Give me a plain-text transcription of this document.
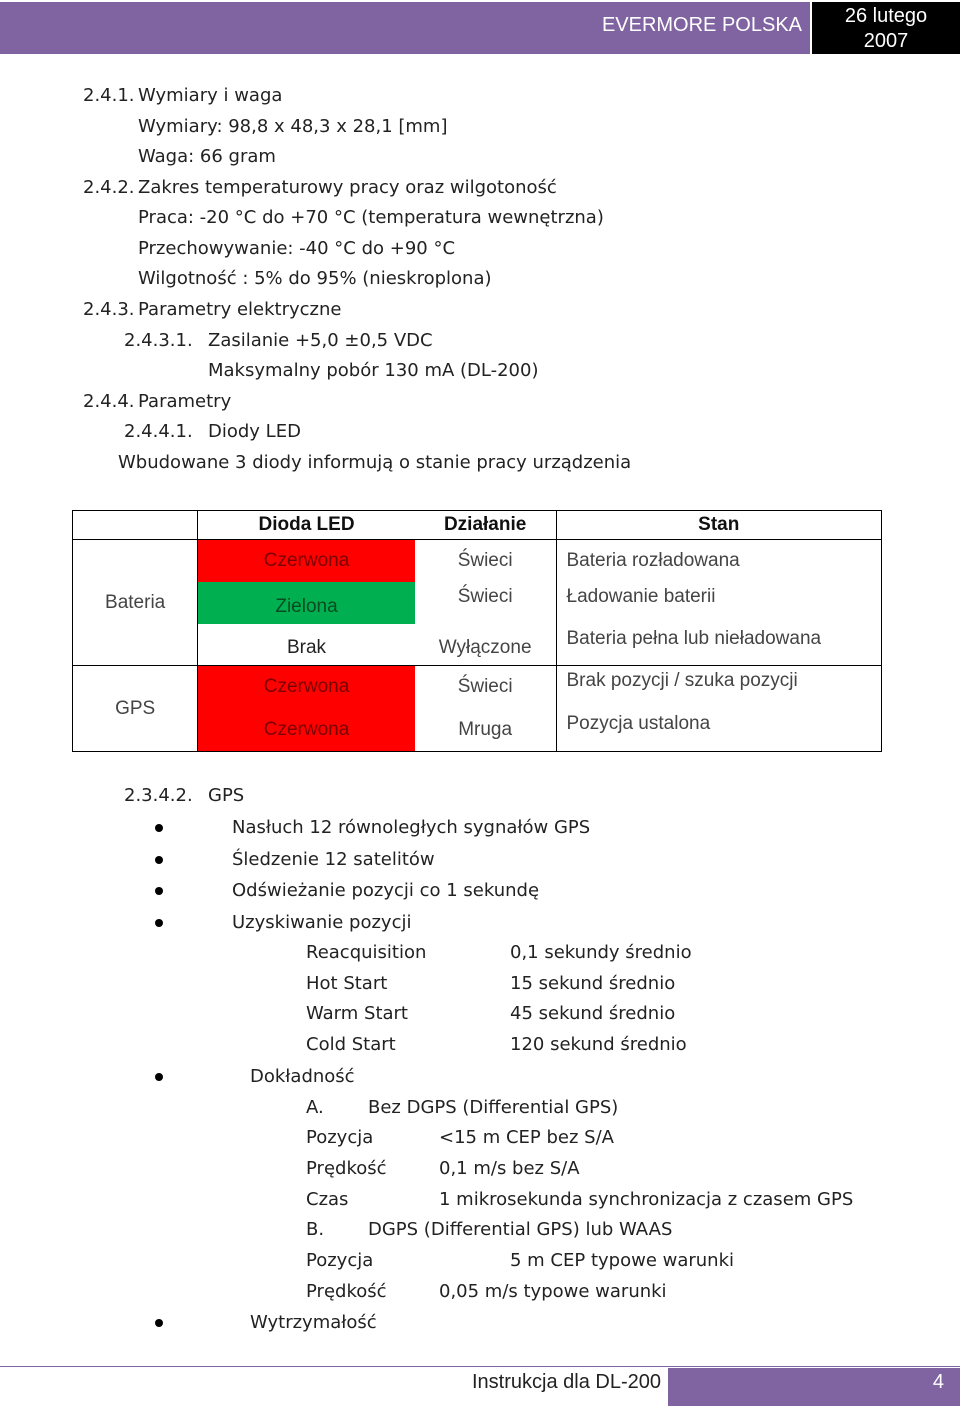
EVERMORE POLSKA	26 lutego
2007
2.4.1. Wymiary i waga
Wymiary: 98,8 x 48,3 x 28,1 [mm]
Waga: 66 gram
2.4.2. Zakres temperaturowy pracy oraz wilgotoność
Praca: -20 °C do +70 °C (temperatura wewnętrzna)
Przechowywanie: -40 °C do +90 °C
Wilgotność : 5% do 95% (nieskroplona)
2.4.3. Parametry elektryczne
2.4.3.1. Zasilanie +5,0 ±0,5 VDC
Maksymalny pobór 130 mA (DL-200)
2.4.4. Parametry
2.4.4.1. Diody LED
Wbudowane 3 diody informują o stanie pracy urządzenia
	Dioda LED	Działanie	Stan
Bateria	Czerwona	Świeci	Bateria rozładowana
	Zielona	Świeci	Ładowanie baterii
	Brak	Wyłączone	Bateria pełna lub nieładowana
GPS	Czerwona	Świeci	Brak pozycji / szuka pozycji
	Czerwona	Mruga	Pozycja ustalona
2.3.4.2. GPS
Nasłuch 12 równoległych sygnałów GPS
Śledzenie 12 satelitów
Odświeżanie pozycji co 1 sekundę
Uzyskiwanie pozycji
Reacquisition	0,1 sekundy średnio
Hot Start	15 sekund średnio
Warm Start	45 sekund średnio
Cold Start	120 sekund średnio
Dokładność
A. Bez DGPS (Differential GPS)
Pozycja	<15 m CEP bez S/A
Prędkość	0,1 m/s bez S/A
Czas	1 mikrosekunda synchronizacja z czasem GPS
B. DGPS (Differential GPS) lub WAAS
Pozycja	5 m CEP typowe warunki
Prędkość	0,05 m/s typowe warunki
Wytrzymałość
Instrukcja dla DL-200	4
